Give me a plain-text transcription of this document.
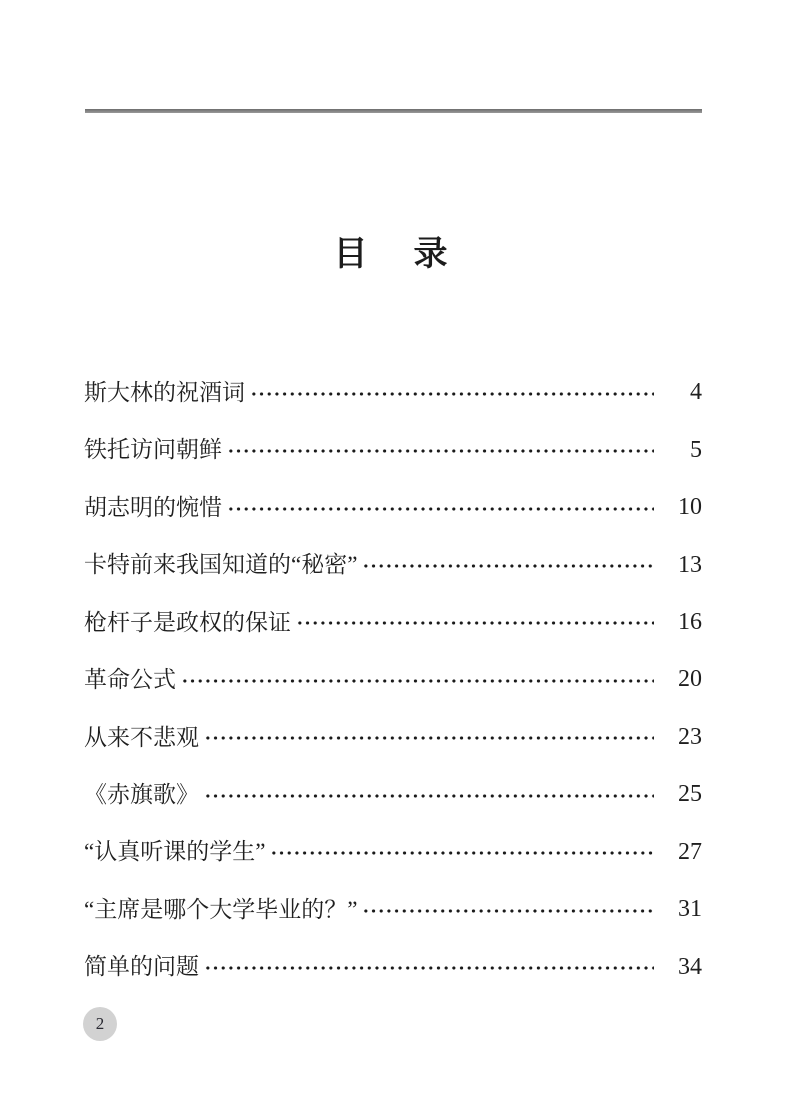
目　录
斯大林的祝酒词	4
铁托访问朝鲜	5
胡志明的惋惜	10
卡特前来我国知道的“秘密”	13
枪杆子是政权的保证	16
革命公式	20
从来不悲观	23
《赤旗歌》	25
“认真听课的学生”	27
“主席是哪个大学毕业的？”	31
简单的问题	34
2
